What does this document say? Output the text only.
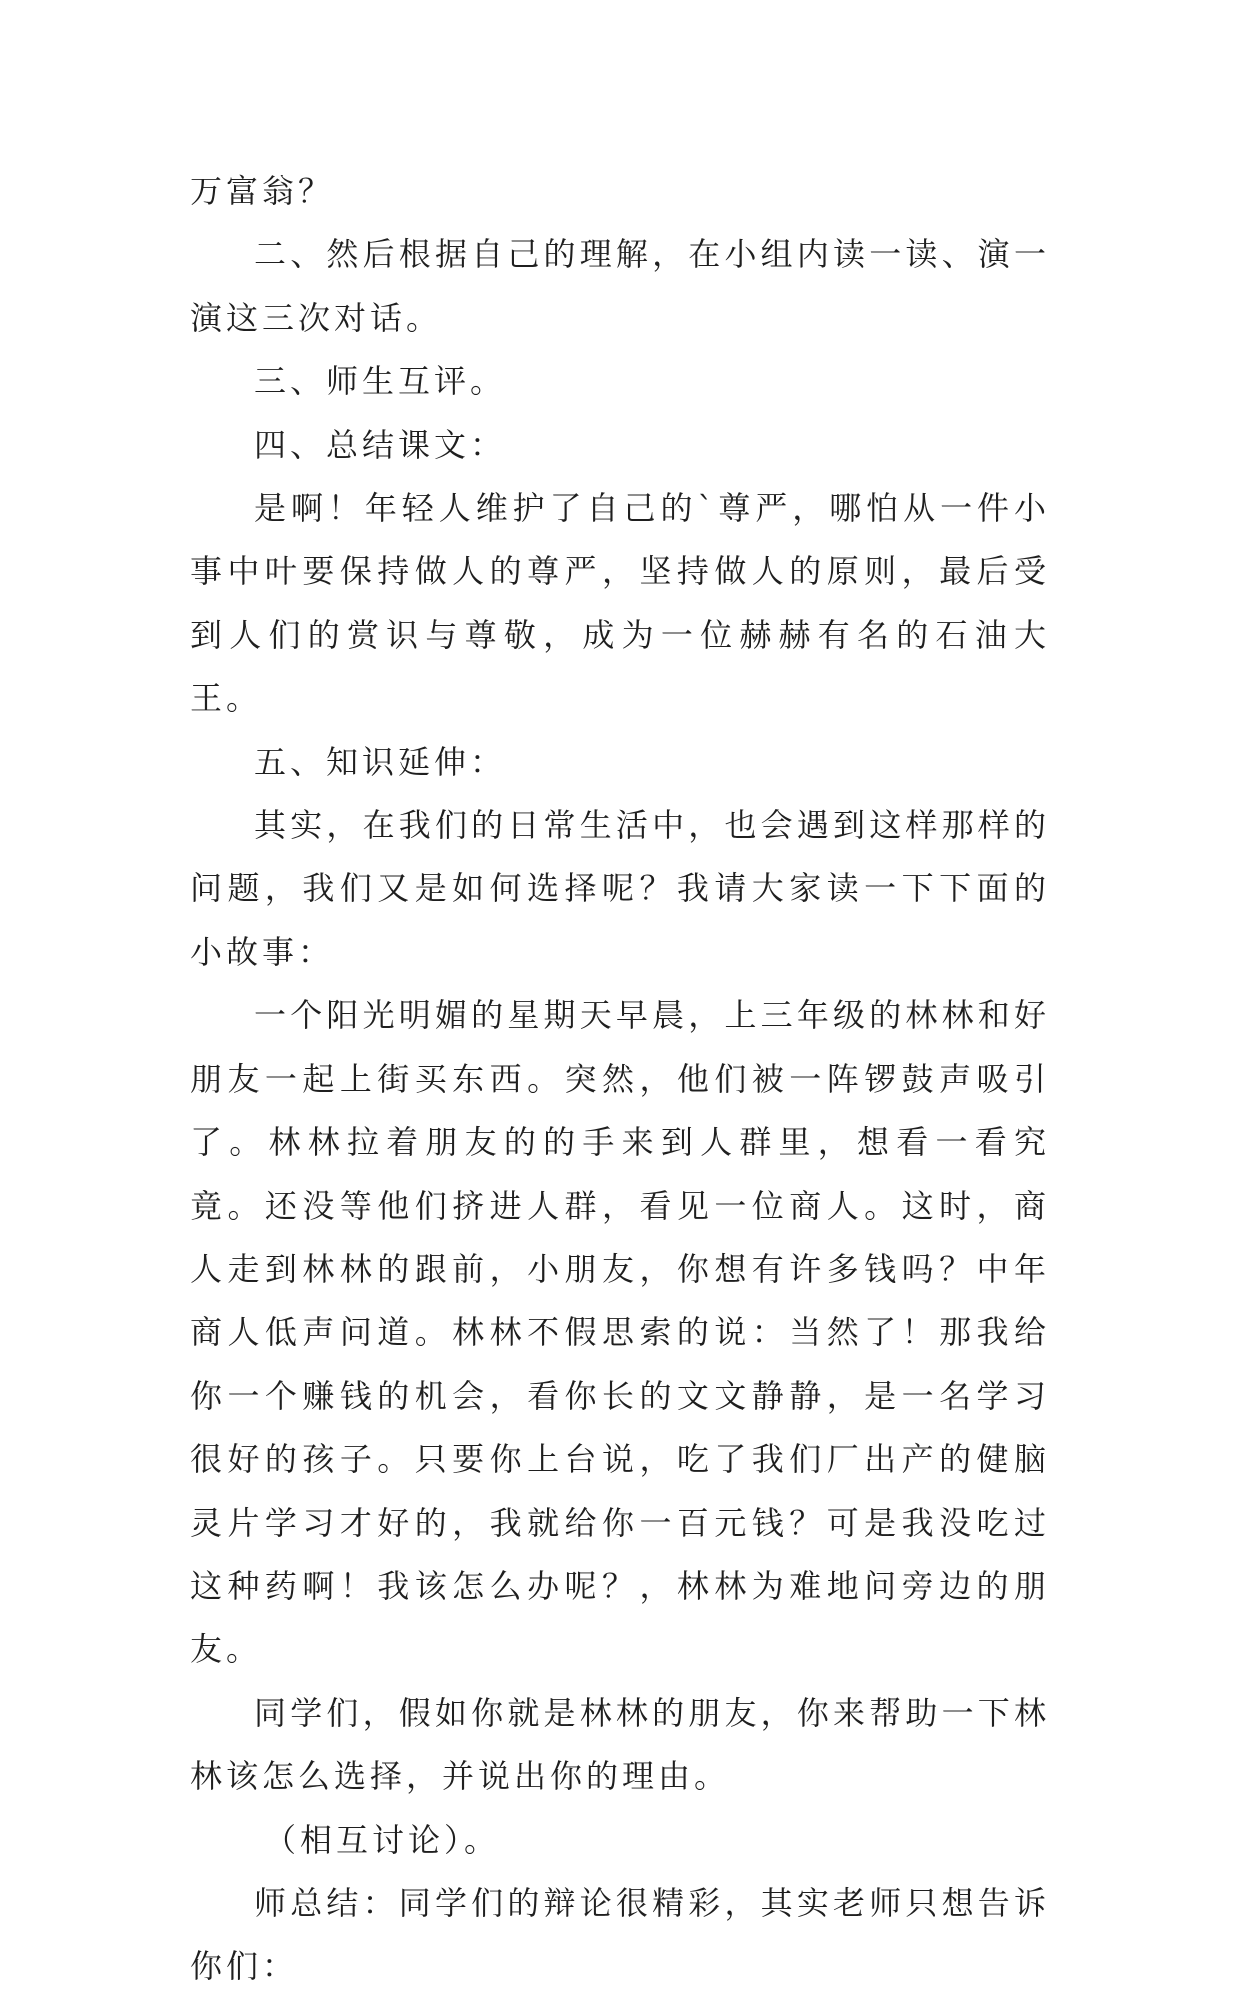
万富翁？

二、然后根据自己的理解，在小组内读一读、演一演这三次对话。

三、师生互评。

四、总结课文：

是啊！年轻人维护了自己的`尊严，哪怕从一件小事中叶要保持做人的尊严，坚持做人的原则，最后受到人们的赏识与尊敬，成为一位赫赫有名的石油大王。

五、知识延伸：

其实，在我们的日常生活中，也会遇到这样那样的问题，我们又是如何选择呢？我请大家读一下下面的小故事：

一个阳光明媚的星期天早晨，上三年级的林林和好朋友一起上街买东西。突然，他们被一阵锣鼓声吸引了。林林拉着朋友的的手来到人群里，想看一看究竟。还没等他们挤进人群，看见一位商人。这时，商人走到林林的跟前，小朋友，你想有许多钱吗？中年商人低声问道。林林不假思索的说：当然了！那我给你一个赚钱的机会，看你长的文文静静，是一名学习很好的孩子。只要你上台说，吃了我们厂出产的健脑灵片学习才好的，我就给你一百元钱？可是我没吃过这种药啊！我该怎么办呢？，林林为难地问旁边的朋友。

同学们，假如你就是林林的朋友，你来帮助一下林林该怎么选择，并说出你的理由。

（相互讨论）。

师总结：同学们的辩论很精彩，其实老师只想告诉你们：
